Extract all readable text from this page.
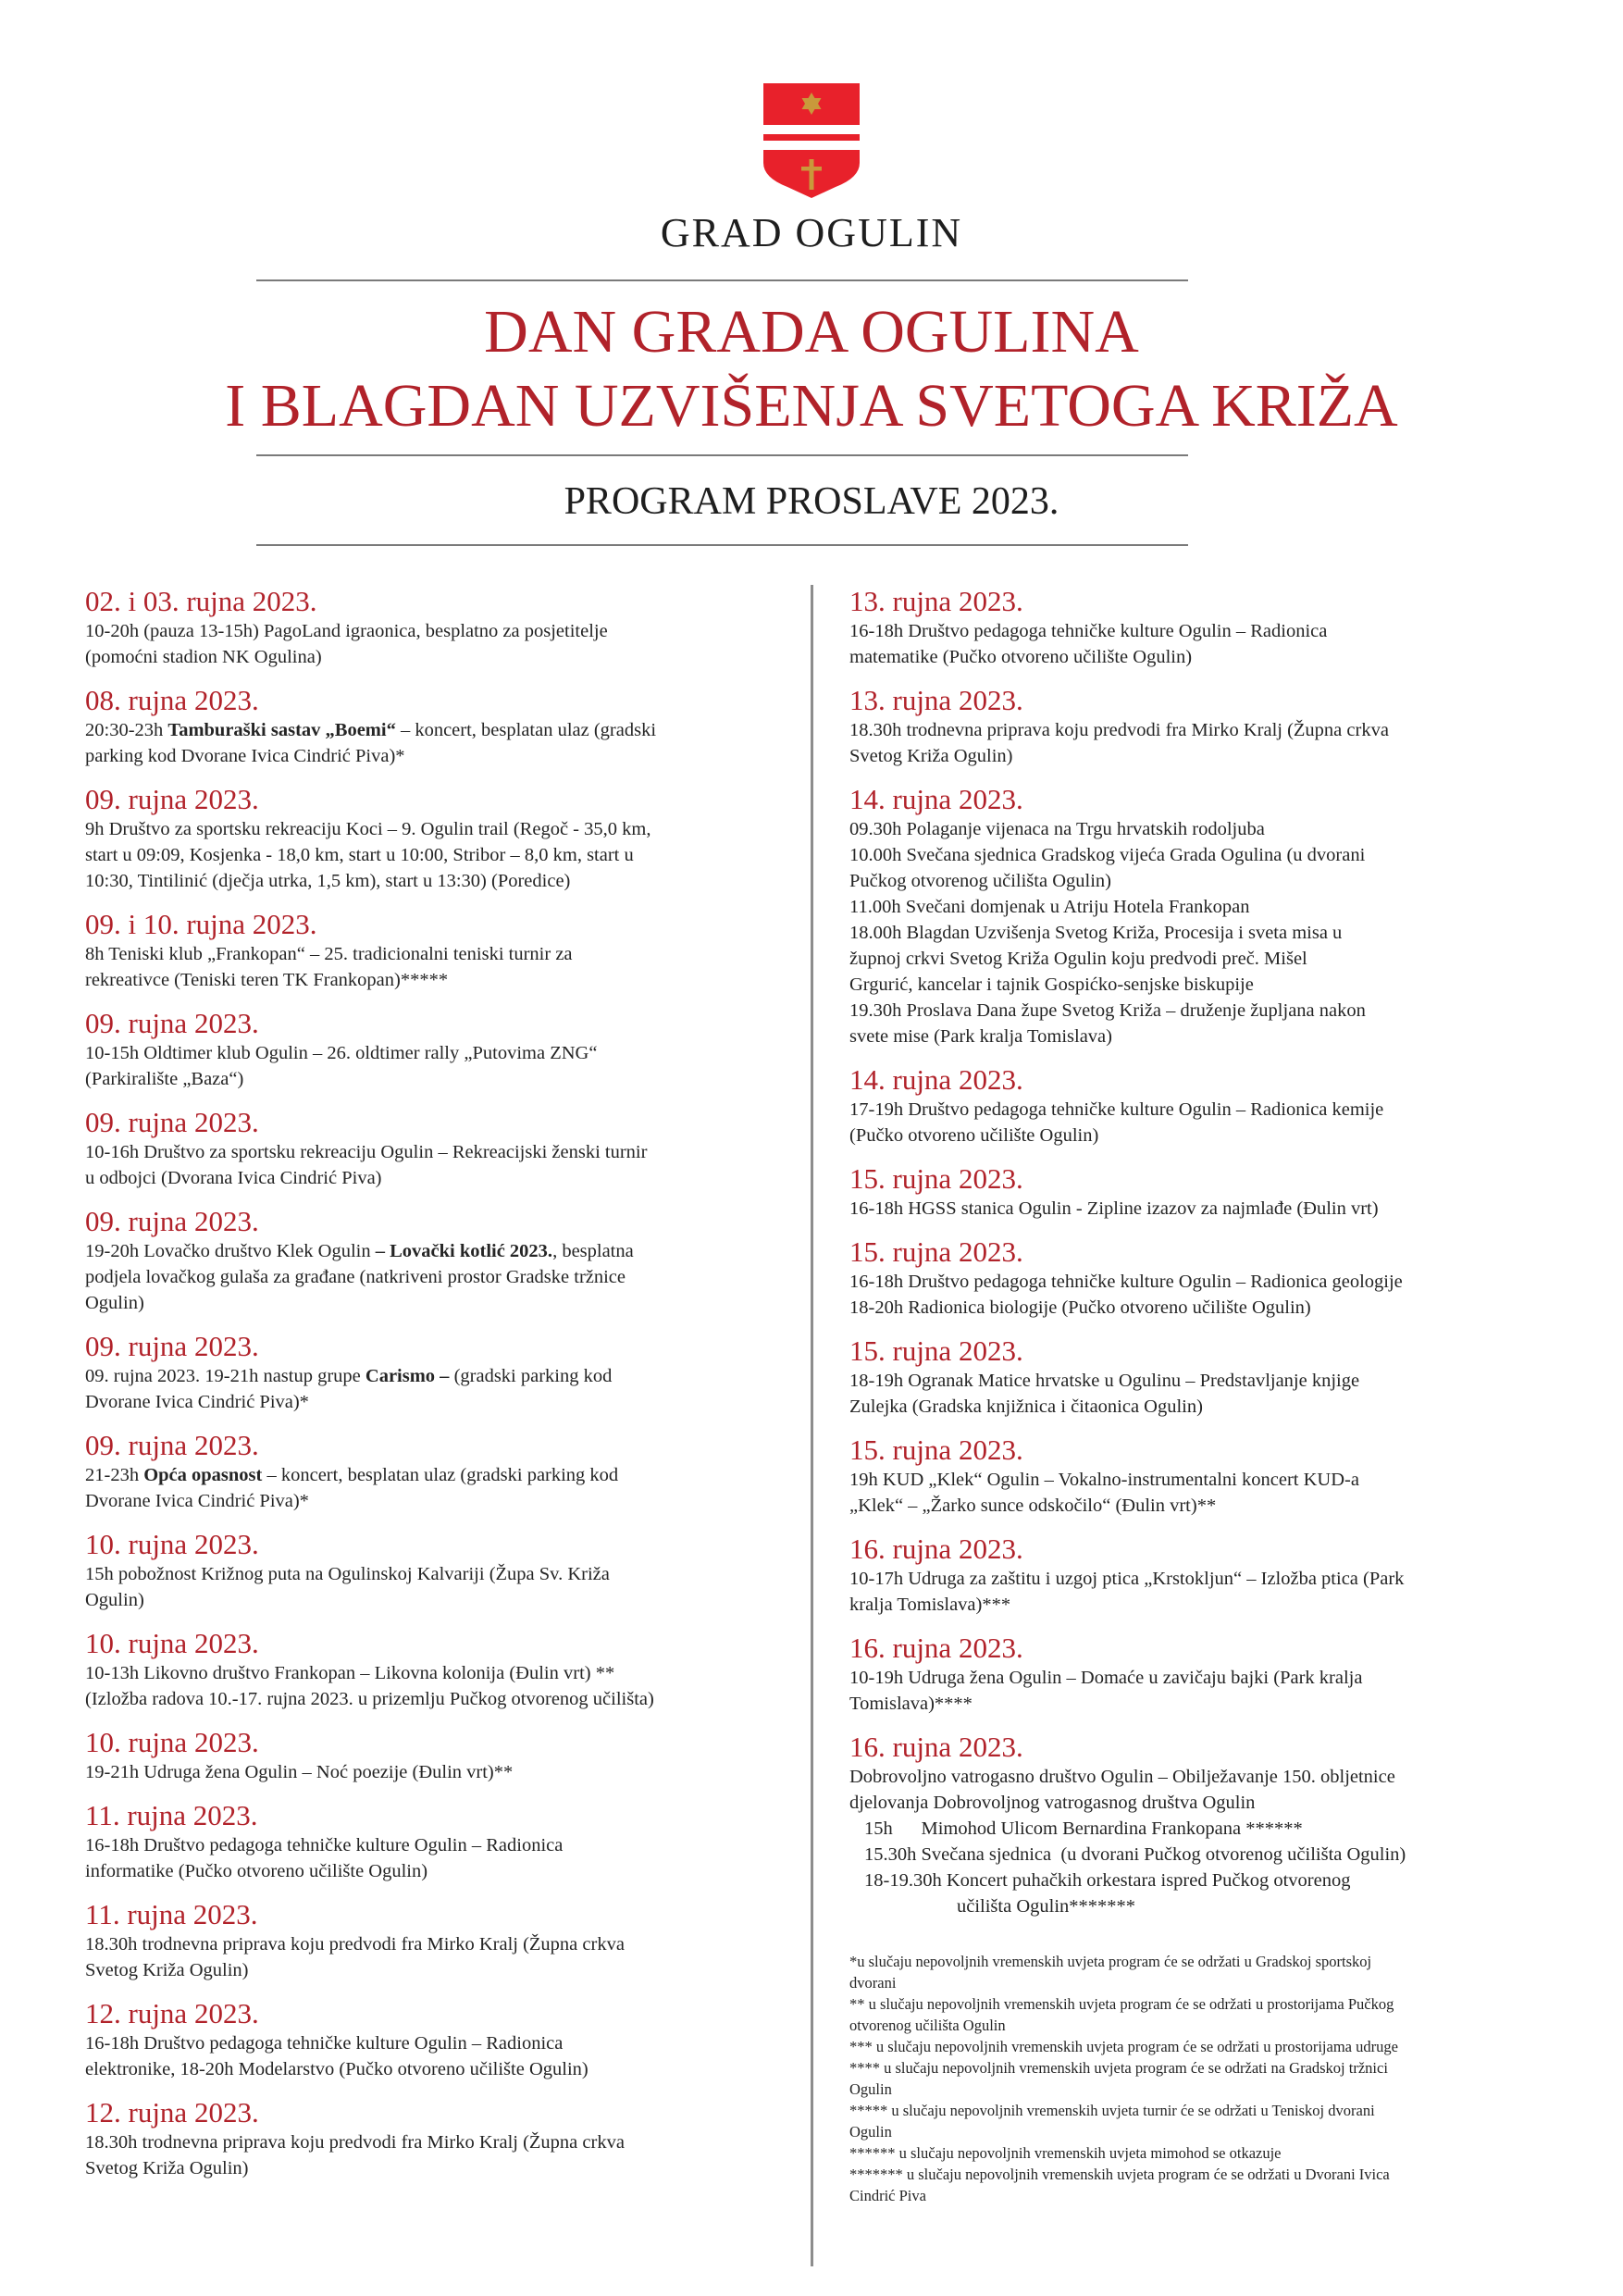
GRAD OGULIN
DAN GRADA OGULINA
I BLAGDAN UZVIŠENJA SVETOGA KRIŽA
PROGRAM PROSLAVE 2023.
02. i 03. rujna 2023.
10-20h (pauza 13-15h) PagoLand igraonica, besplatno za posjetitelje
(pomoćni stadion NK Ogulina)
08. rujna 2023.
20:30-23h Tamburaški sastav „Boemi“ – koncert, besplatan ulaz (gradski
parking kod Dvorane Ivica Cindrić Piva)*
09. rujna 2023.
9h Društvo za sportsku rekreaciju Koci – 9. Ogulin trail (Regoč - 35,0 km,
start u 09:09, Kosjenka - 18,0 km, start u 10:00, Stribor – 8,0 km, start u
10:30, Tintilinić (dječja utrka, 1,5 km), start u 13:30) (Poredice)
09. i 10. rujna 2023.
8h Teniski klub „Frankopan“ – 25. tradicionalni teniski turnir za
rekreativce (Teniski teren TK Frankopan)*****
09. rujna 2023.
10-15h Oldtimer klub Ogulin – 26. oldtimer rally „Putovima ZNG“
(Parkiralište „Baza“)
09. rujna 2023.
10-16h Društvo za sportsku rekreaciju Ogulin – Rekreacijski ženski turnir
u odbojci (Dvorana Ivica Cindrić Piva)
09. rujna 2023.
19-20h Lovačko društvo Klek Ogulin – Lovački kotlić 2023., besplatna
podjela lovačkog gulaša za građane (natkriveni prostor Gradske tržnice
Ogulin)
09. rujna 2023.
09. rujna 2023. 19-21h nastup grupe Carismo – (gradski parking kod
Dvorane Ivica Cindrić Piva)*
09. rujna 2023.
21-23h Opća opasnost – koncert, besplatan ulaz (gradski parking kod
Dvorane Ivica Cindrić Piva)*
10. rujna 2023.
15h pobožnost Križnog puta na Ogulinskoj Kalvariji (Župa Sv. Križa
Ogulin)
10. rujna 2023.
10-13h Likovno društvo Frankopan – Likovna kolonija (Đulin vrt) **
(Izložba radova 10.-17. rujna 2023. u prizemlju Pučkog otvorenog učilišta)
10. rujna 2023.
19-21h Udruga žena Ogulin – Noć poezije (Đulin vrt)**
11. rujna 2023.
16-18h Društvo pedagoga tehničke kulture Ogulin – Radionica
informatike (Pučko otvoreno učilište Ogulin)
11. rujna 2023.
18.30h trodnevna priprava koju predvodi fra Mirko Kralj (Župna crkva
Svetog Križa Ogulin)
12. rujna 2023.
16-18h Društvo pedagoga tehničke kulture Ogulin – Radionica
elektronike, 18-20h Modelarstvo (Pučko otvoreno učilište Ogulin)
12. rujna 2023.
18.30h trodnevna priprava koju predvodi fra Mirko Kralj (Župna crkva
Svetog Križa Ogulin)
13. rujna 2023.
16-18h Društvo pedagoga tehničke kulture Ogulin – Radionica
matematike (Pučko otvoreno učilište Ogulin)
13. rujna 2023.
18.30h trodnevna priprava koju predvodi fra Mirko Kralj (Župna crkva
Svetog Križa Ogulin)
14. rujna 2023.
09.30h Polaganje vijenaca na Trgu hrvatskih rodoljuba
10.00h Svečana sjednica Gradskog vijeća Grada Ogulina (u dvorani
Pučkog otvorenog učilišta Ogulin)
11.00h Svečani domjenak u Atriju Hotela Frankopan
18.00h Blagdan Uzvišenja Svetog Križa, Procesija i sveta misa u
župnoj crkvi Svetog Križa Ogulin koju predvodi preč. Mišel
Grgurić, kancelar i tajnik Gospićko-senjske biskupije
19.30h Proslava Dana župe Svetog Križa – druženje župljana nakon
svete mise (Park kralja Tomislava)
14. rujna 2023.
17-19h Društvo pedagoga tehničke kulture Ogulin – Radionica kemije
(Pučko otvoreno učilište Ogulin)
15. rujna 2023.
16-18h HGSS stanica Ogulin - Zipline izazov za najmlađe (Đulin vrt)
15. rujna 2023.
16-18h Društvo pedagoga tehničke kulture Ogulin – Radionica geologije
18-20h Radionica biologije (Pučko otvoreno učilište Ogulin)
15. rujna 2023.
18-19h Ogranak Matice hrvatske u Ogulinu – Predstavljanje knjige
Zulejka (Gradska knjižnica i čitaonica Ogulin)
15. rujna 2023.
19h KUD „Klek“ Ogulin – Vokalno-instrumentalni koncert KUD-a
„Klek“ – „Žarko sunce odskočilo“ (Đulin vrt)**
16. rujna 2023.
10-17h Udruga za zaštitu i uzgoj ptica „Krstokljun“ – Izložba ptica (Park
kralja Tomislava)***
16. rujna 2023.
10-19h Udruga žena Ogulin – Domaće u zavičaju bajki (Park kralja
Tomislava)****
16. rujna 2023.
Dobrovoljno vatrogasno društvo Ogulin – Obilježavanje 150. obljetnice
djelovanja Dobrovoljnog vatrogasnog društva Ogulin
15h      Mimohod Ulicom Bernardina Frankopana ******
15.30h Svečana sjednica  (u dvorani Pučkog otvorenog učilišta Ogulin)
18-19.30h Koncert puhačkih orkestara ispred Pučkog otvorenog
učilišta Ogulin*******
*u slučaju nepovoljnih vremenskih uvjeta program će se održati u Gradskoj sportskoj
dvorani
** u slučaju nepovoljnih vremenskih uvjeta program će se održati u prostorijama Pučkog
otvorenog učilišta Ogulin
*** u slučaju nepovoljnih vremenskih uvjeta program će se održati u prostorijama udruge
**** u slučaju nepovoljnih vremenskih uvjeta program će se održati na Gradskoj tržnici
Ogulin
***** u slučaju nepovoljnih vremenskih uvjeta turnir će se održati u Teniskoj dvorani
Ogulin
****** u slučaju nepovoljnih vremenskih uvjeta mimohod se otkazuje
******* u slučaju nepovoljnih vremenskih uvjeta program će se održati u Dvorani Ivica
Cindrić Piva
